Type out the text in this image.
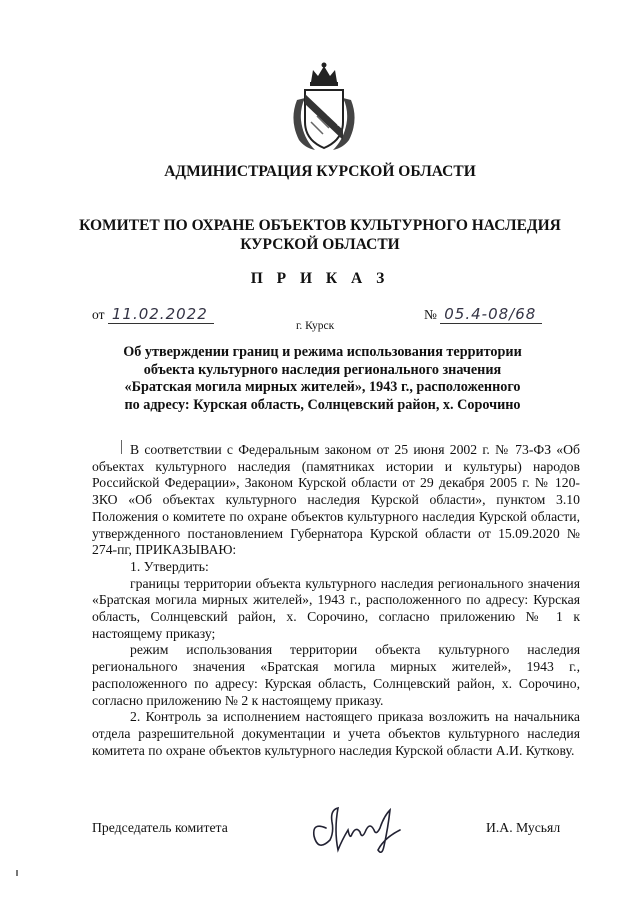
АДМИНИСТРАЦИЯ КУРСКОЙ ОБЛАСТИ
КОМИТЕТ ПО ОХРАНЕ ОБЪЕКТОВ КУЛЬТУРНОГО НАСЛЕДИЯ
КУРСКОЙ ОБЛАСТИ
П Р И К А З
от 11.02.2022	№ 05.4-08/68
г. Курск
Об утверждении границ и режима использования территории
объекта культурного наследия регионального значения
«Братская могила мирных жителей», 1943 г., расположенного
по адресу: Курская область, Солнцевский район, х. Сорочино

В соответствии с Федеральным законом от 25 июня 2002 г. № 73-ФЗ «Об объектах культурного наследия (памятниках истории и культуры) народов Российской Федерации», Законом Курской области от 29 декабря 2005 г. № 120-ЗКО «Об объектах культурного наследия Курской области», пунктом 3.10 Положения о комитете по охране объектов культурного наследия Курской области, утвержденного постановлением Губернатора Курской области от 15.09.2020 № 274-пг, ПРИКАЗЫВАЮ:

1. Утвердить:

границы территории объекта культурного наследия регионального значения «Братская могила мирных жителей», 1943 г., расположенного по адресу: Курская область, Солнцевский район, х. Сорочино, согласно приложению № 1 к настоящему приказу;

режим использования территории объекта культурного наследия регионального значения «Братская могила мирных жителей», 1943 г., расположенного по адресу: Курская область, Солнцевский район, х. Сорочино, согласно приложению № 2 к настоящему приказу.

2. Контроль за исполнением настоящего приказа возложить на начальника отдела разрешительной документации и учета объектов культурного наследия комитета по охране объектов культурного наследия Курской области А.И. Куткову.

Председатель комитета	И.А. Мусьял
